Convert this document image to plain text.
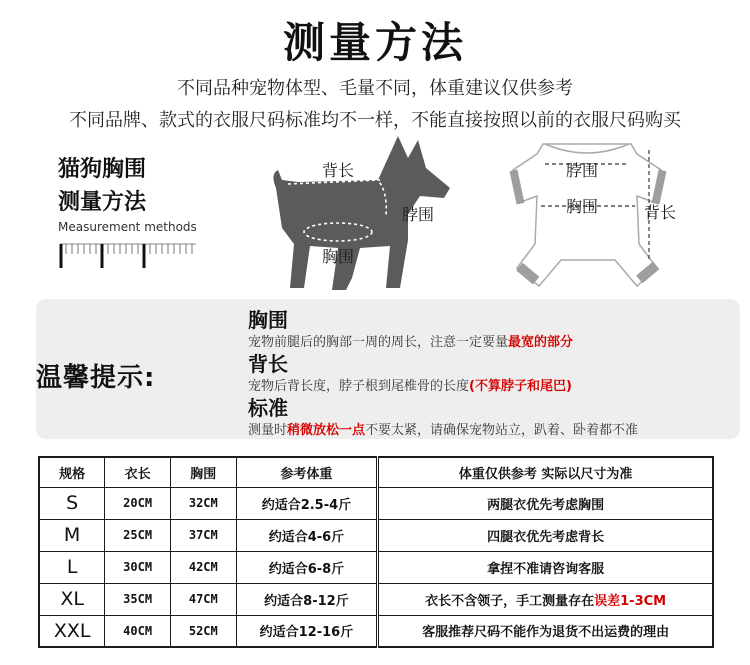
测量方法
不同品种宠物体型、毛量不同，体重建议仅供参考
不同品牌、款式的衣服尺码标准均不一样，不能直接按照以前的衣服尺码购买
猫狗胸围
测量方法
Measurement methods
背长
脖围
胸围
脖围
胸围	背长
温馨提示:
胸围
宠物前腿后的胸部一周的周长，注意一定要量最宽的部分
背长
宠物后背长度，脖子根到尾椎骨的长度(不算脖子和尾巴)
标准
测量时稍微放松一点不要太紧，请确保宠物站立，趴着、卧着都不准
规格	衣长	胸围	参考体重	体重仅供参考 实际以尺寸为准
S	20CM	32CM	约适合2.5-4斤	两腿衣优先考虑胸围
M	25CM	37CM	约适合4-6斤	四腿衣优先考虑背长
L	30CM	42CM	约适合6-8斤	拿捏不准请咨询客服
XL	35CM	47CM	约适合8-12斤	衣长不含领子，手工测量存在误差1-3CM
XXL	40CM	52CM	约适合12-16斤	客服推荐尺码不能作为退货不出运费的理由
